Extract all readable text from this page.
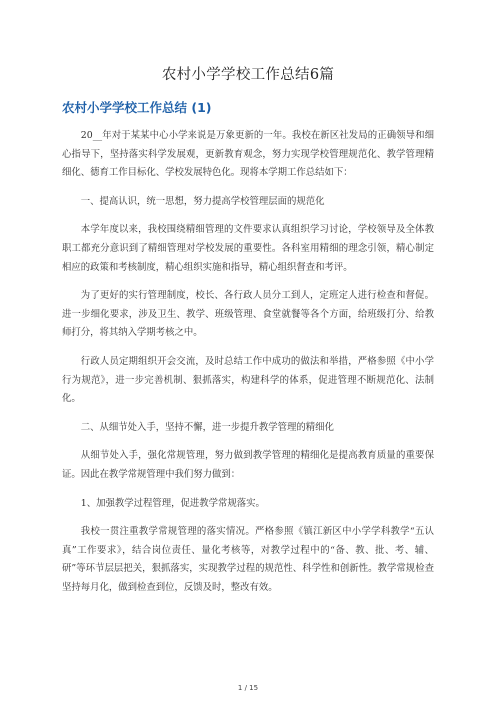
农村小学学校工作总结6篇
农村小学学校工作总结 (1)

20__年对于某某中心小学来说是万象更新的一年。我校在新区社发局的正确领导和细心指导下，坚持落实科学发展观，更新教育观念，努力实现学校管理规范化、教学管理精细化、德育工作目标化、学校发展特色化。现将本学期工作总结如下：

一、提高认识，统一思想，努力提高学校管理层面的规范化

本学年度以来，我校围绕精细管理的文件要求认真组织学习讨论，学校领导及全体教职工都充分意识到了精细管理对学校发展的重要性。各科室用精细的理念引领，精心制定相应的政策和考核制度，精心组织实施和指导，精心组织督查和考评。

为了更好的实行管理制度，校长、各行政人员分工到人，定班定人进行检查和督促。进一步细化要求，涉及卫生、教学、班级管理、食堂就餐等各个方面，给班级打分、给教师打分，将其纳入学期考核之中。

行政人员定期组织开会交流，及时总结工作中成功的做法和举措，严格参照《中小学行为规范》，进一步完善机制、狠抓落实，构建科学的体系，促进管理不断规范化、法制化。

二、从细节处入手，坚持不懈，进一步提升教学管理的精细化

从细节处入手，强化常规管理，努力做到教学管理的精细化是提高教育质量的重要保证。因此在教学常规管理中我们努力做到：

1、加强教学过程管理，促进教学常规落实。

我校一贯注重教学常规管理的落实情况。严格参照《镇江新区中小学学科教学“五认真”工作要求》，结合岗位责任、量化考核等，对教学过程中的“备、教、批、考、辅、研”等环节层层把关，狠抓落实，实现教学过程的规范性、科学性和创新性。教学常规检查坚持每月化，做到检查到位，反馈及时，整改有效。

1 / 15
